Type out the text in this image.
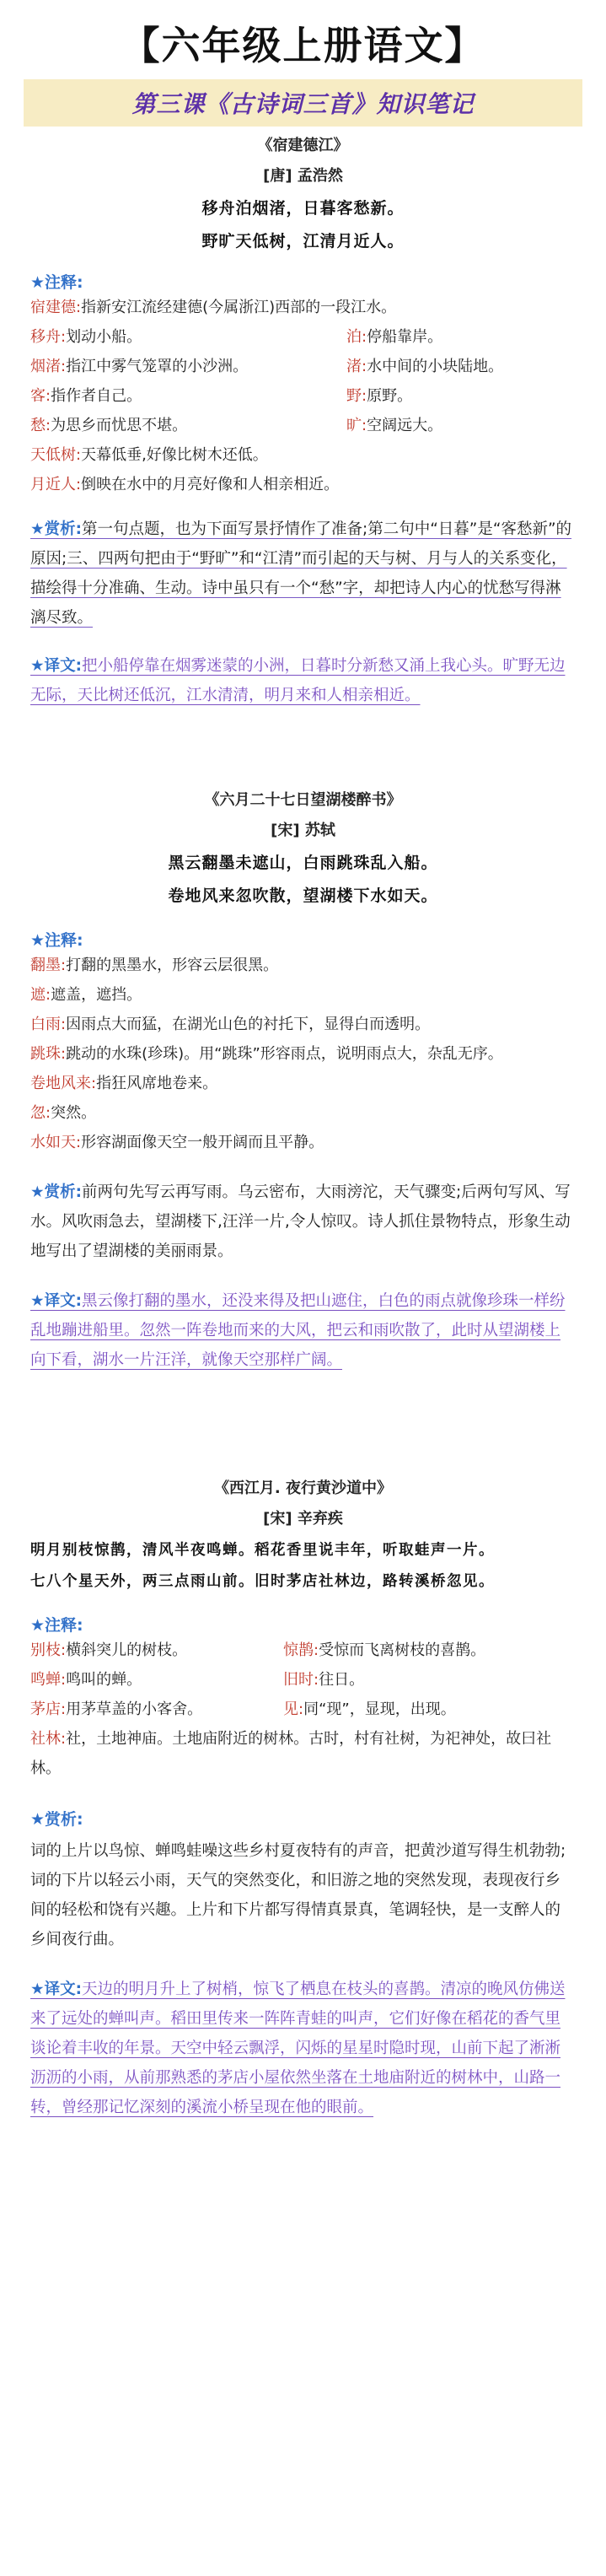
【六年级上册语文】
第三课《古诗词三首》知识笔记
《宿建德江》
[唐] 孟浩然
移舟泊烟渚，日暮客愁新。
野旷天低树，江清月近人。
★注释:
宿建德:指新安江流经建德(今属浙江)西部的一段江水。
移舟:划动小船。	泊:停船靠岸。
烟渚:指江中雾气笼罩的小沙洲。	渚:水中间的小块陆地。
客:指作者自己。	野:原野。
愁:为思乡而忧思不堪。	旷:空阔远大。
天低树:天幕低垂,好像比树木还低。
月近人:倒映在水中的月亮好像和人相亲相近。
★赏析:第一句点题，也为下面写景抒情作了准备;第二句中“日暮”是“客愁新”的原因;三、四两句把由于“野旷”和“江清”而引起的天与树、月与人的关系变化，描绘得十分准确、生动。诗中虽只有一个“愁”字，却把诗人内心的忧愁写得淋漓尽致。
★译文:把小船停靠在烟雾迷蒙的小洲，日暮时分新愁又涌上我心头。旷野无边无际，天比树还低沉，江水清清，明月来和人相亲相近。
《六月二十七日望湖楼醉书》
[宋] 苏轼
黑云翻墨未遮山，白雨跳珠乱入船。
卷地风来忽吹散，望湖楼下水如天。
★注释:
翻墨:打翻的黑墨水，形容云层很黑。
遮:遮盖，遮挡。
白雨:因雨点大而猛，在湖光山色的衬托下，显得白而透明。
跳珠:跳动的水珠(珍珠)。用“跳珠”形容雨点，说明雨点大，杂乱无序。
卷地风来:指狂风席地卷来。
忽:突然。
水如天:形容湖面像天空一般开阔而且平静。
★赏析:前两句先写云再写雨。乌云密布，大雨滂沱，天气骤变;后两句写风、写水。风吹雨急去，望湖楼下,汪洋一片,令人惊叹。诗人抓住景物特点，形象生动地写出了望湖楼的美丽雨景。
★译文:黑云像打翻的墨水，还没来得及把山遮住，白色的雨点就像珍珠一样纷乱地蹦进船里。忽然一阵卷地而来的大风，把云和雨吹散了，此时从望湖楼上向下看，湖水一片汪洋，就像天空那样广阔。
《西江月. 夜行黄沙道中》
[宋] 辛弃疾
明月别枝惊鹊，清风半夜鸣蝉。稻花香里说丰年，听取蛙声一片。
七八个星天外，两三点雨山前。旧时茅店社林边，路转溪桥忽见。
★注释:
别枝:横斜突儿的树枝。	惊鹊:受惊而飞离树枝的喜鹊。
鸣蝉:鸣叫的蝉。	旧时:往日。
茅店:用茅草盖的小客舍。	见:同“现”，显现，出现。
社林:社，土地神庙。土地庙附近的树林。古时，村有社树，为祀神处，故曰社林。
★赏析:
词的上片以鸟惊、蝉鸣蛙噪这些乡村夏夜特有的声音，把黄沙道写得生机勃勃;词的下片以轻云小雨，天气的突然变化，和旧游之地的突然发现，表现夜行乡间的轻松和饶有兴趣。上片和下片都写得情真景真，笔调轻快，是一支醉人的乡间夜行曲。
★译文:天边的明月升上了树梢，惊飞了栖息在枝头的喜鹊。清凉的晚风仿佛送来了远处的蝉叫声。稻田里传来一阵阵青蛙的叫声，它们好像在稻花的香气里谈论着丰收的年景。天空中轻云飘浮，闪烁的星星时隐时现，山前下起了淅淅沥沥的小雨，从前那熟悉的茅店小屋依然坐落在土地庙附近的树林中，山路一转，曾经那记忆深刻的溪流小桥呈现在他的眼前。
